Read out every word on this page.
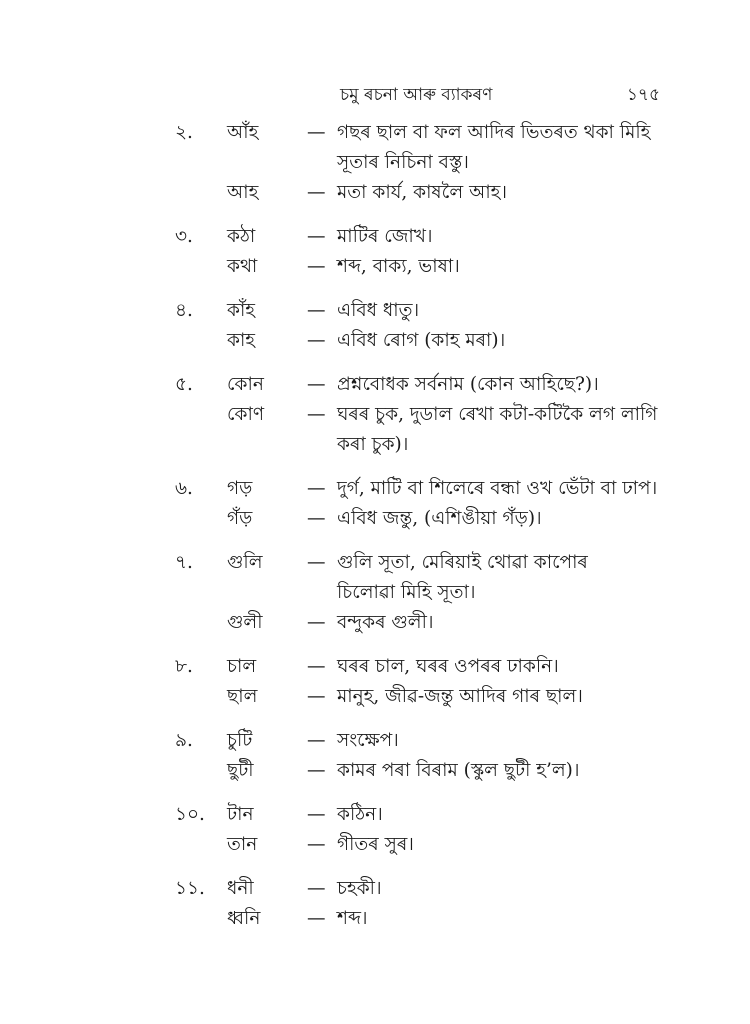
চমু ৰচনা আৰু ব্যাকৰণ	১৭৫
২.	আঁহ	— গছৰ ছাল বা ফল আদিৰ ভিতৰত থকা মিহি
সূতাৰ নিচিনা বস্তু।
আহ	— মতা কাৰ্য, কাষলৈ আহ।
৩.	কঠা	— মাটিৰ জোখ।
কথা	— শব্দ, বাক্য, ভাষা।
৪.	কাঁহ	— এবিধ ধাতু।
কাহ	— এবিধ ৰোগ (কাহ মৰা)।
৫.	কোন	— প্ৰশ্নবোধক সৰ্বনাম (কোন আহিছে?)।
কোণ	— ঘৰৰ চুক, দুডাল ৰেখা কটা-কটিকৈ লগ লাগি
কৰা চুক)।
৬.	গড়	— দুৰ্গ, মাটি বা শিলেৰে বন্ধা ওখ ভেঁটা বা ঢাপ।
গঁড়	— এবিধ জন্তু, (এশিঙীয়া গঁড়)।
৭.	গুলি	— গুলি সূতা, মেৰিয়াই থোৱা কাপোৰ
চিলোৱা মিহি সূতা।
গুলী	— বন্দুকৰ গুলী।
৮.	চাল	— ঘৰৰ চাল, ঘৰৰ ওপৰৰ ঢাকনি।
ছাল	— মানুহ, জীৱ-জন্তু আদিৰ গাৰ ছাল।
৯.	চুটি	— সংক্ষেপ।
ছুটী	— কামৰ পৰা বিৰাম (স্কুল ছুটী হ’ল)।
১০.	টান	— কঠিন।
তান	— গীতৰ সুৰ।
১১.	ধনী	— চহকী।
ধ্বনি	— শব্দ।
